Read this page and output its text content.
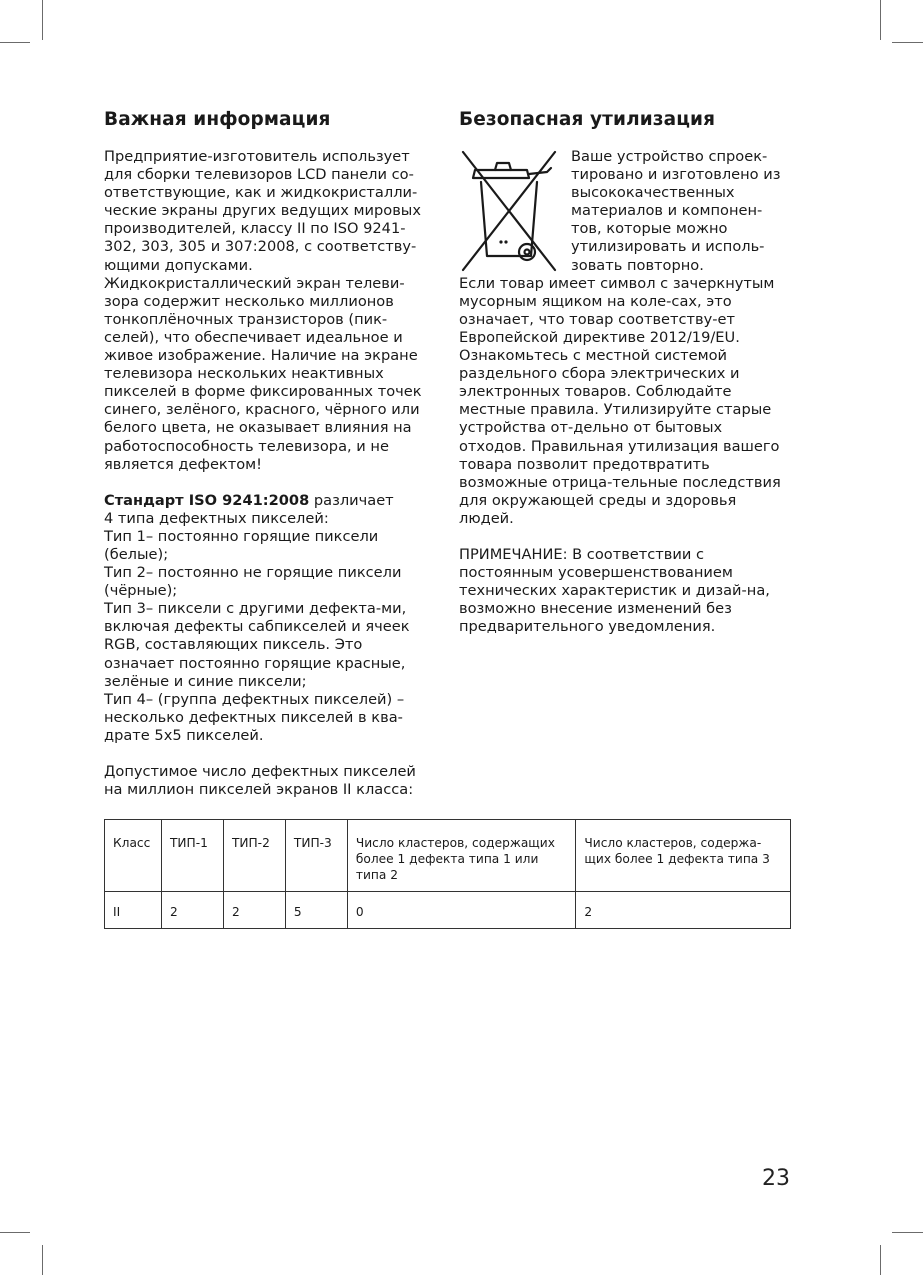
Важная информация

Предприятие-изготовитель использует для сборки телевизоров LCD панели со-ответствующие, как и жидкокристалли-ческие экраны других ведущих мировых производителей, классу II по ISO 9241-302, 303, 305 и 307:2008, с соответству-ющими допусками.

Жидкокристаллический экран телеви-зора содержит несколько миллионов тонкоплёночных транзисторов (пик-селей), что обеспечивает идеальное и живое изображение. Наличие на экране телевизора нескольких неактивных пикселей в форме фиксированных точек синего, зелёного, красного, чёрного или белого цвета, не оказывает влияния на работоспособность телевизора, и не является дефектом!

Стандарт ISO 9241:2008 различает

4 типа дефектных пикселей:

Тип 1– постоянно горящие пиксели (белые);

Тип 2– постоянно не горящие пиксели (чёрные);

Тип 3– пиксели с другими дефекта-ми, включая дефекты сабпикселей и ячеек RGB, составляющих пиксель. Это означает постоянно горящие красные, зелёные и синие пиксели;

Тип 4– (группа дефектных пикселей) – несколько дефектных пикселей в ква-драте 5x5 пикселей.

Допустимое число дефектных пикселей на миллион пикселей экранов II класса:

Безопасная утилизация

Ваше устройство спроек-тировано и изготовлено из высококачественных материалов и компонен-тов, которые можно утилизировать и исполь-зовать повторно.

Если товар имеет символ с зачеркнутым мусорным ящиком на коле-сах, это означает, что товар соответству-ет Европейской директиве 2012/19/EU. Ознакомьтесь с местной системой раздельного сбора электрических и электронных товаров. Соблюдайте местные правила. Утилизируйте старые устройства от-дельно от бытовых отходов. Правильная утилизация вашего товара позволит предотвратить возможные отрица-тельные последствия для окружающей среды и здоровья людей.

ПРИМЕЧАНИЕ: В соответствии с постоянным усовершенствованием технических характеристик и дизай-на, возможно внесение изменений без предварительного уведомления.

Класс	ТИП-1	ТИП-2	ТИП-3	Число кластеров, содержащих более 1 дефекта типа 1 или типа 2	Число кластеров, содержа-щих более 1 дефекта типа 3
II	2	2	5	0	2
23
